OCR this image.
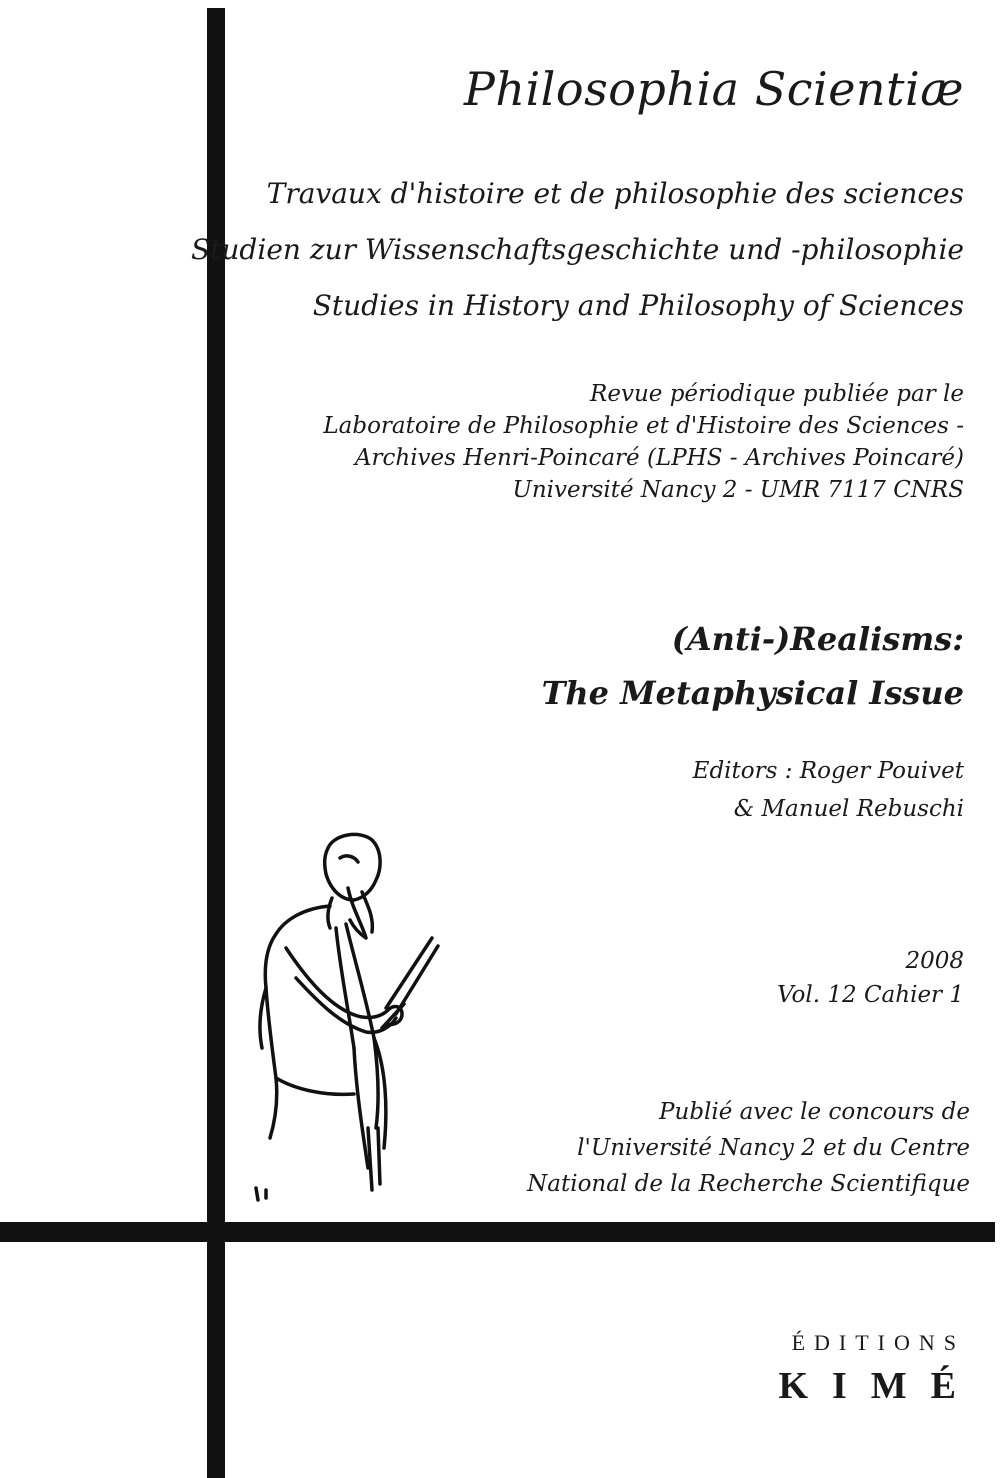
Philosophia Scientiæ
Travaux d'histoire et de philosophie des sciences
Studien zur Wissenschaftsgeschichte und -philosophie
Studies in History and Philosophy of Sciences
Revue périodique publiée par le
Laboratoire de Philosophie et d'Histoire des Sciences -
Archives Henri-Poincaré (LPHS - Archives Poincaré)
Université Nancy 2 - UMR 7117 CNRS
(Anti-)Realisms:
The Metaphysical Issue
Editors : Roger Pouivet
& Manuel Rebuschi
2008
Vol. 12 Cahier 1
Publié avec le concours de
l'Université Nancy 2 et du Centre
National de la Recherche Scientifique
ÉDITIONS
KIMÉ
